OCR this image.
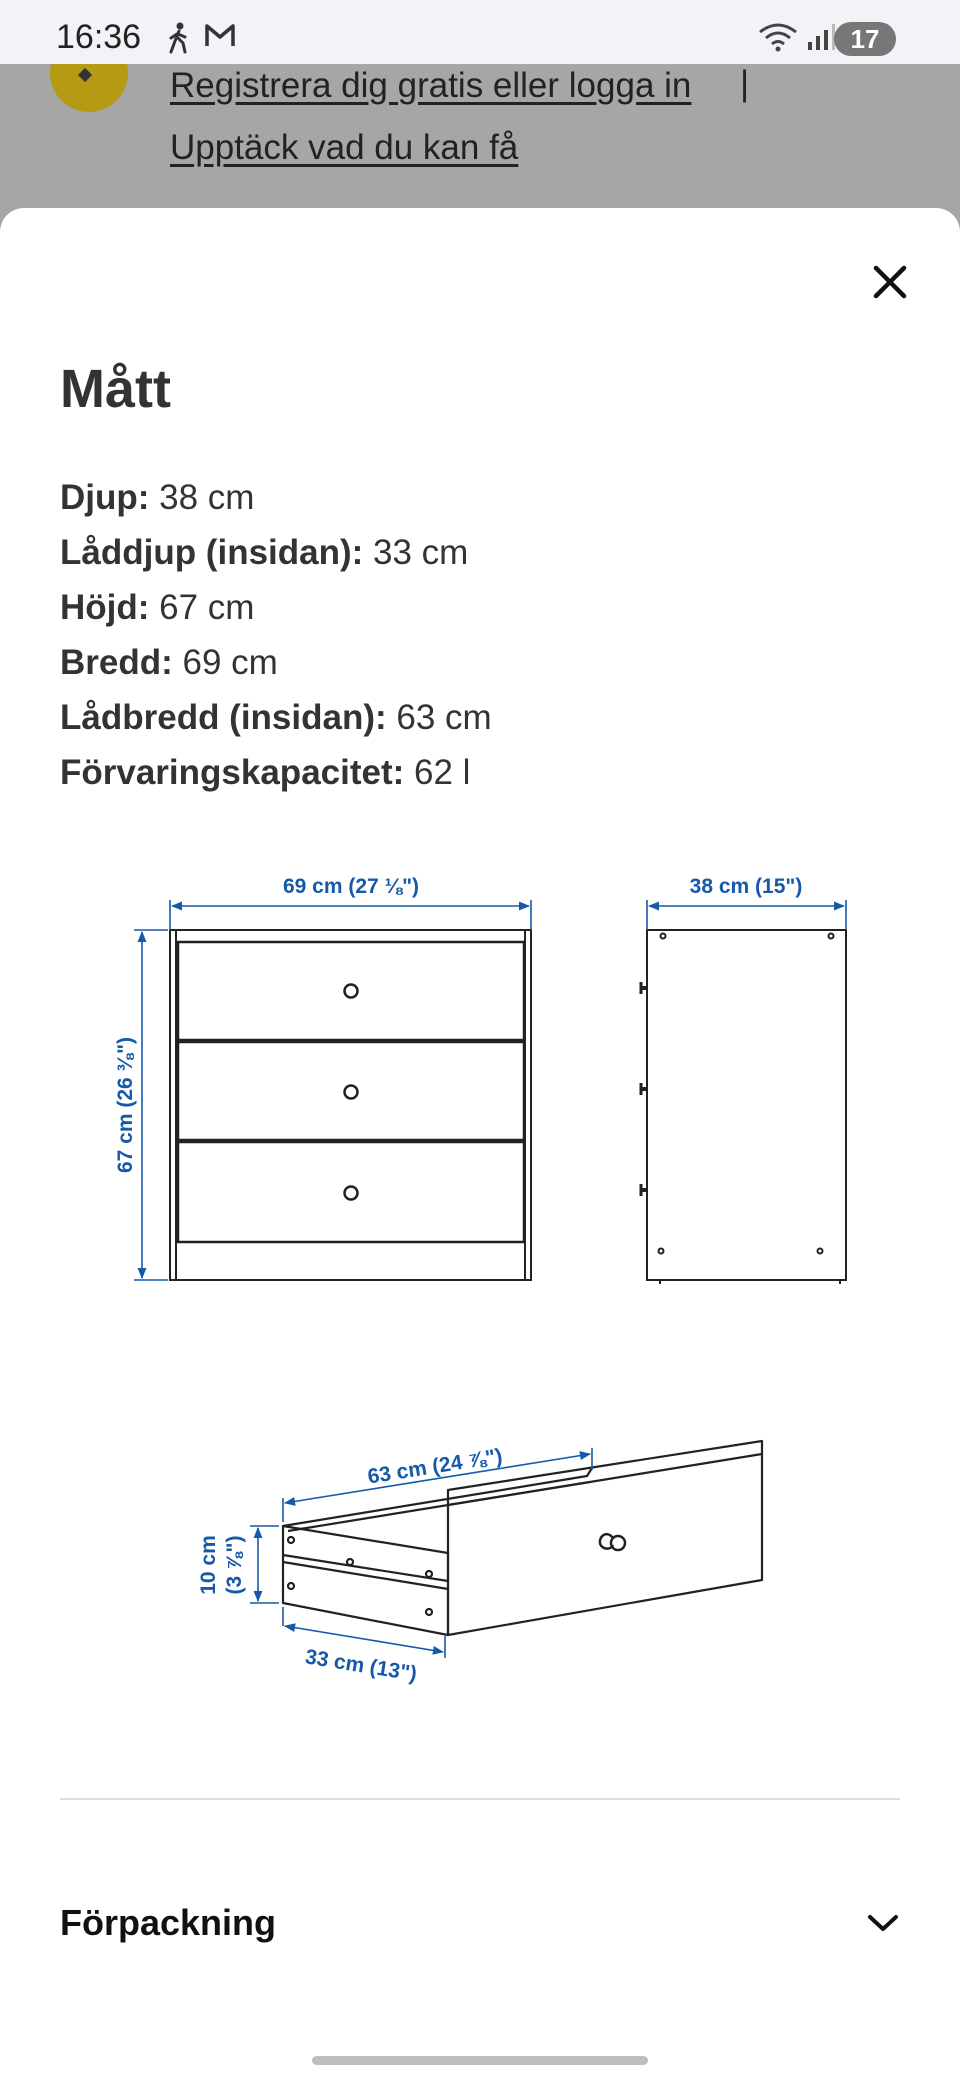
16:36	17
Registrera dig gratis eller logga in |
Upptäck vad du kan få
Mått
Djup: 38 cm
Låddjup (insidan): 33 cm
Höjd: 67 cm
Bredd: 69 cm
Lådbredd (insidan): 63 cm
Förvaringskapacitet: 62 l
69 cm (27 ⅛")
67 cm (26 ⅜")
38 cm (15")
63 cm (24 ⅞")
10 cm (3 ⅞")
33 cm (13")
Förpackning
